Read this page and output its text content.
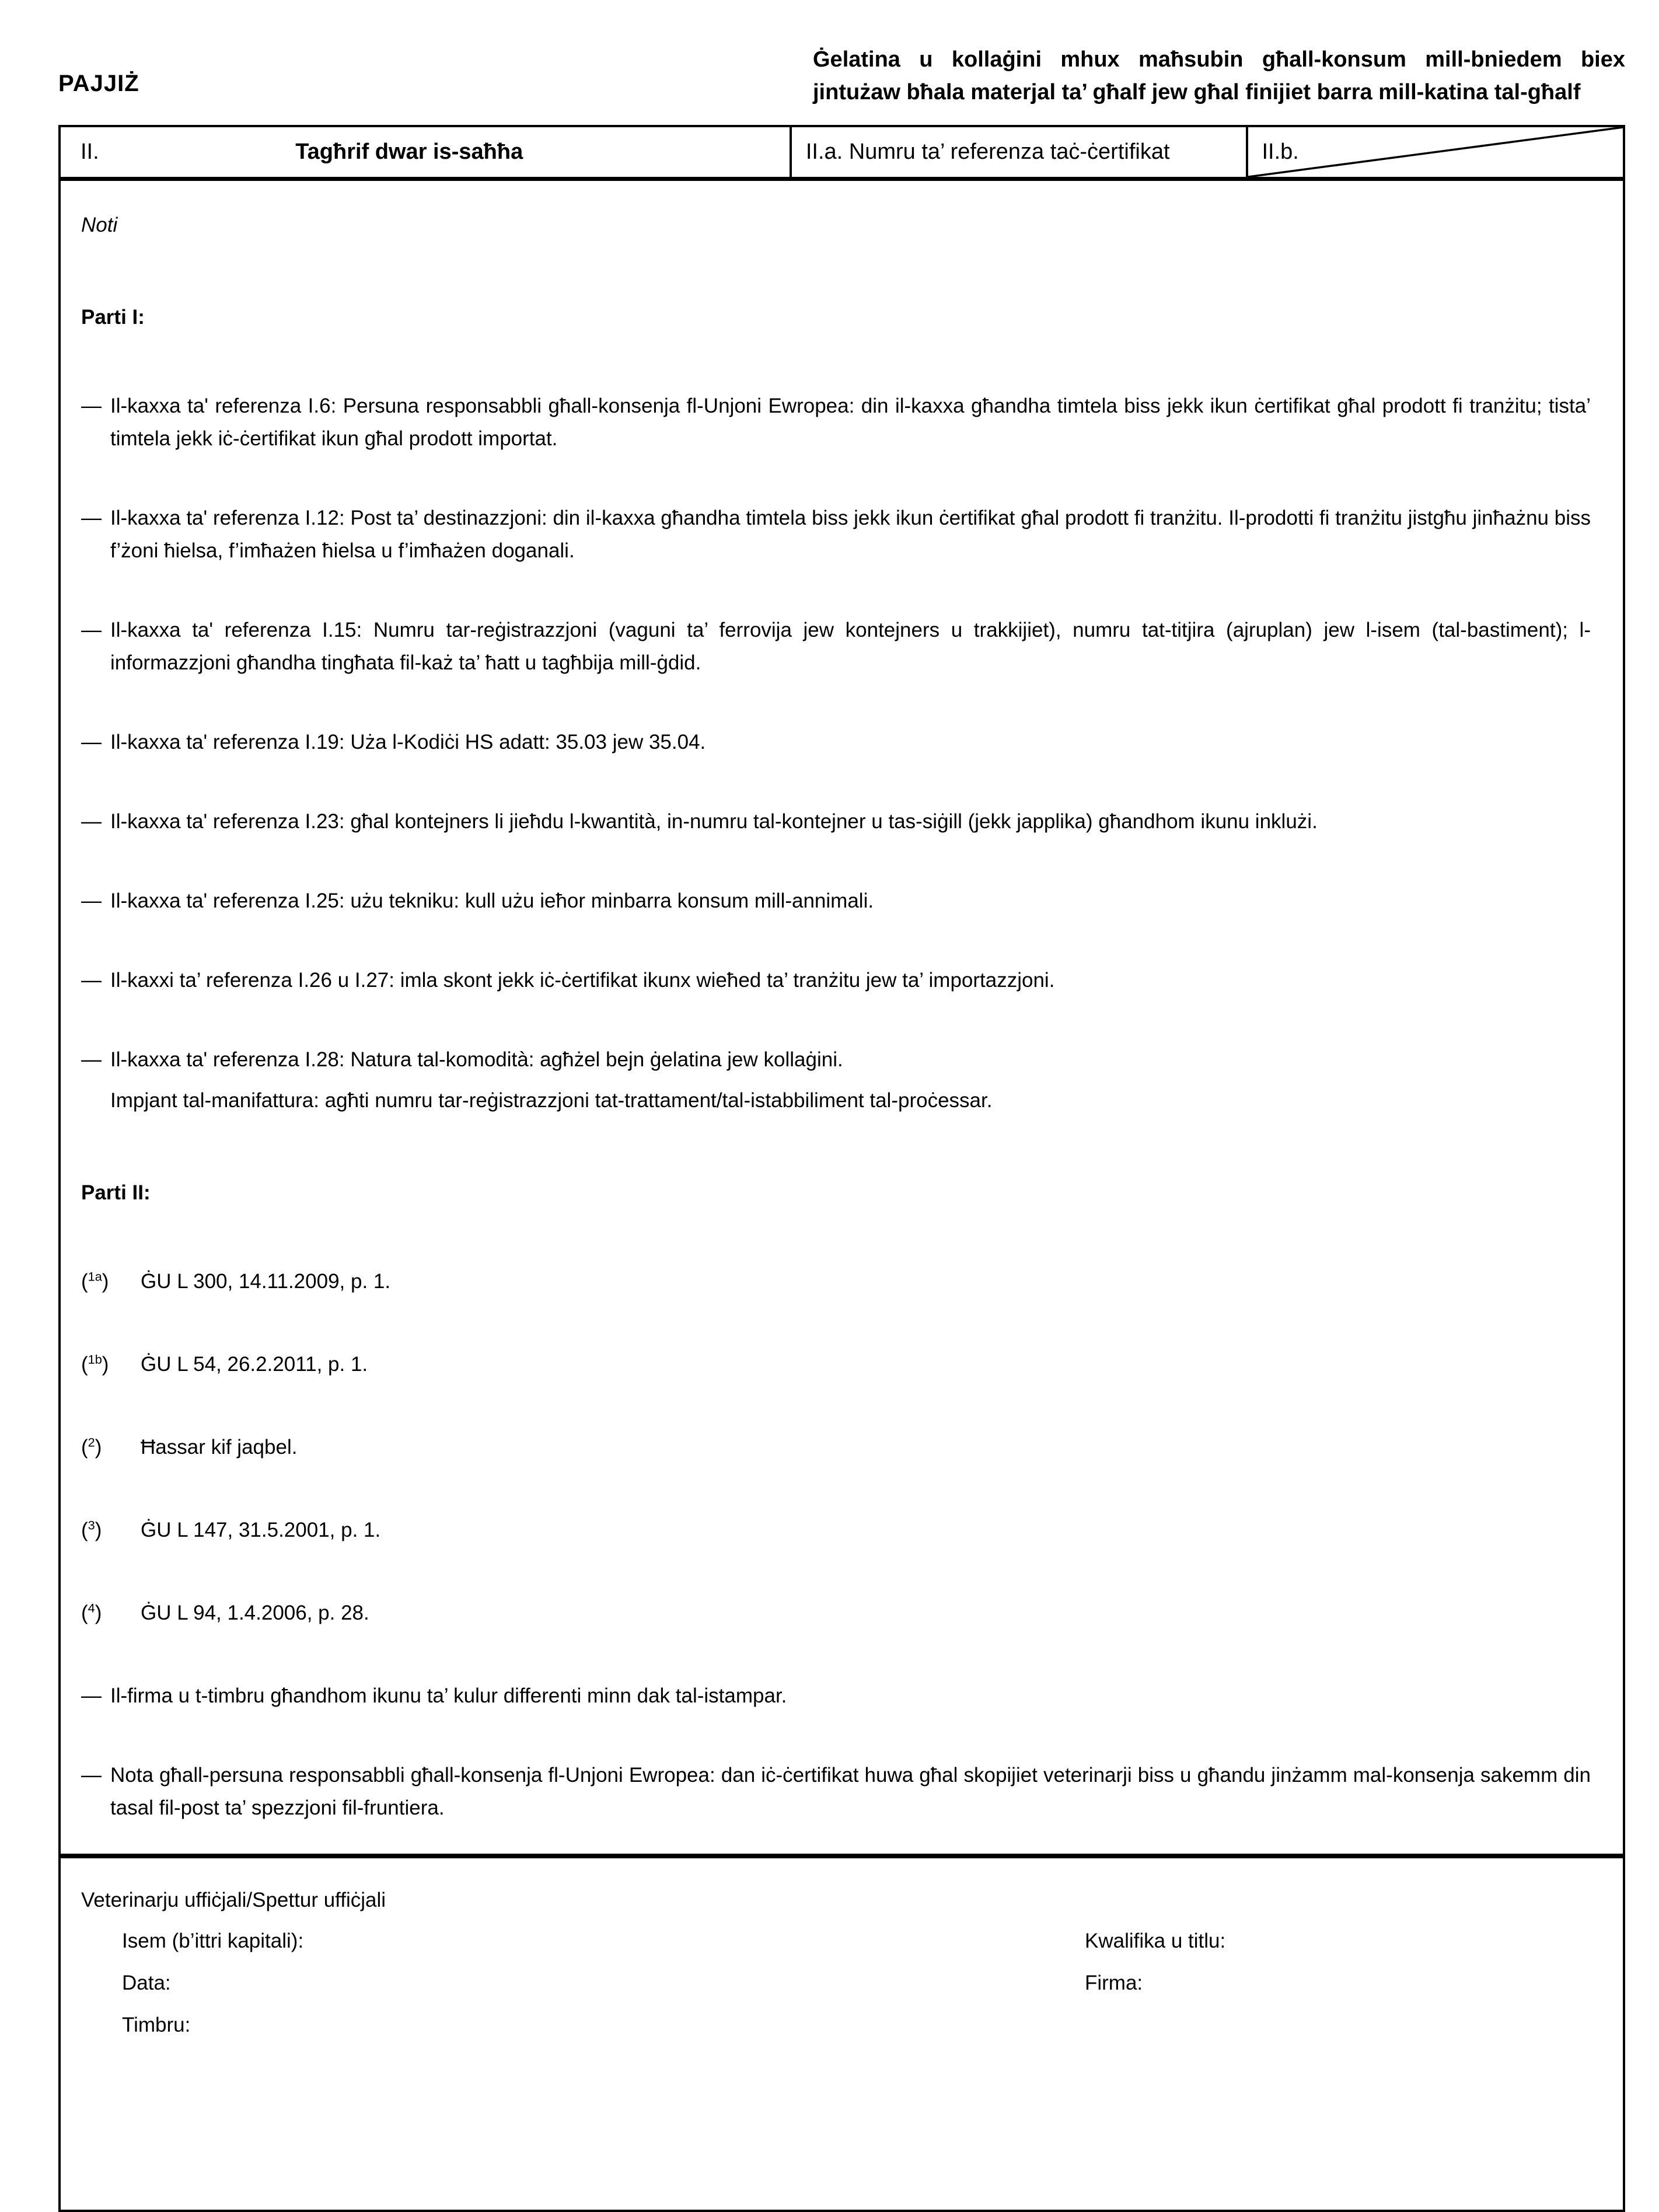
PAJJIŻ
Ġelatina u kollaġini mhux maħsubin għall-konsum mill-bniedem biex jintużaw bħala materjal ta’ għalf jew għal finijiet barra mill-katina tal-għalf
II.	Tagħrif dwar is-saħħa	II.a. Numru ta’ referenza taċ-ċertifikat	II.b.
Noti
Parti I:
— Il-kaxxa ta' referenza I.6: Persuna responsabbli għall-konsenja fl-Unjoni Ewropea: din il-kaxxa għandha timtela biss jekk ikun ċertifikat għal prodott fi tranżitu; tista’ timtela jekk iċ-ċertifikat ikun għal prodott importat.
— Il-kaxxa ta' referenza I.12: Post ta’ destinazzjoni: din il-kaxxa għandha timtela biss jekk ikun ċertifikat għal prodott fi tranżitu. Il-prodotti fi tranżitu jistgħu jinħażnu biss f’żoni ħielsa, f’imħażen ħielsa u f’imħażen doganali.
— Il-kaxxa ta' referenza I.15: Numru tar-reġistrazzjoni (vaguni ta’ ferrovija jew kontejners u trakkijiet), numru tat-titjira (ajruplan) jew l-isem (tal-bastiment); l-informazzjoni għandha tingħata fil-każ ta’ ħatt u tagħbija mill-ġdid.
— Il-kaxxa ta' referenza I.19: Uża l-Kodiċi HS adatt: 35.03 jew 35.04.
— Il-kaxxa ta' referenza I.23: għal kontejners li jieħdu l-kwantità, in-numru tal-kontejner u tas-siġill (jekk japplika) għandhom ikunu inklużi.
— Il-kaxxa ta' referenza I.25: użu tekniku: kull użu ieħor minbarra konsum mill-annimali.
— Il-kaxxi ta’ referenza I.26 u I.27: imla skont jekk iċ-ċertifikat ikunx wieħed ta’ tranżitu jew ta’ importazzjoni.
— Il-kaxxa ta' referenza I.28: Natura tal-komodità: agħżel bejn ġelatina jew kollaġini.
Impjant tal-manifattura: agħti numru tar-reġistrazzjoni tat-trattament/tal-istabbiliment tal-proċessar.
Parti II:
( $^{1a}$ )	ĠU L 300, 14.11.2009, p. 1.
( $^{1b}$ )	ĠU L 54, 26.2.2011, p. 1.
( $^2$ )	Ħassar kif jaqbel.
( $^3$ )	ĠU L 147, 31.5.2001, p. 1.
( $^4$ )	ĠU L 94, 1.4.2006, p. 28.
— Il-firma u t-timbru għandhom ikunu ta’ kulur differenti minn dak tal-istampar.
— Nota għall-persuna responsabbli għall-konsenja fl-Unjoni Ewropea: dan iċ-ċertifikat huwa għal skopijiet veterinarji biss u għandu jinżamm mal-konsenja sakemm din tasal fil-post ta’ spezzjoni fil-fruntiera.
Veterinarju uffiċjali/Spettur uffiċjali
Isem (b’ittri kapitali):	Kwalifika u titlu:
Data:	Firma:
Timbru:
